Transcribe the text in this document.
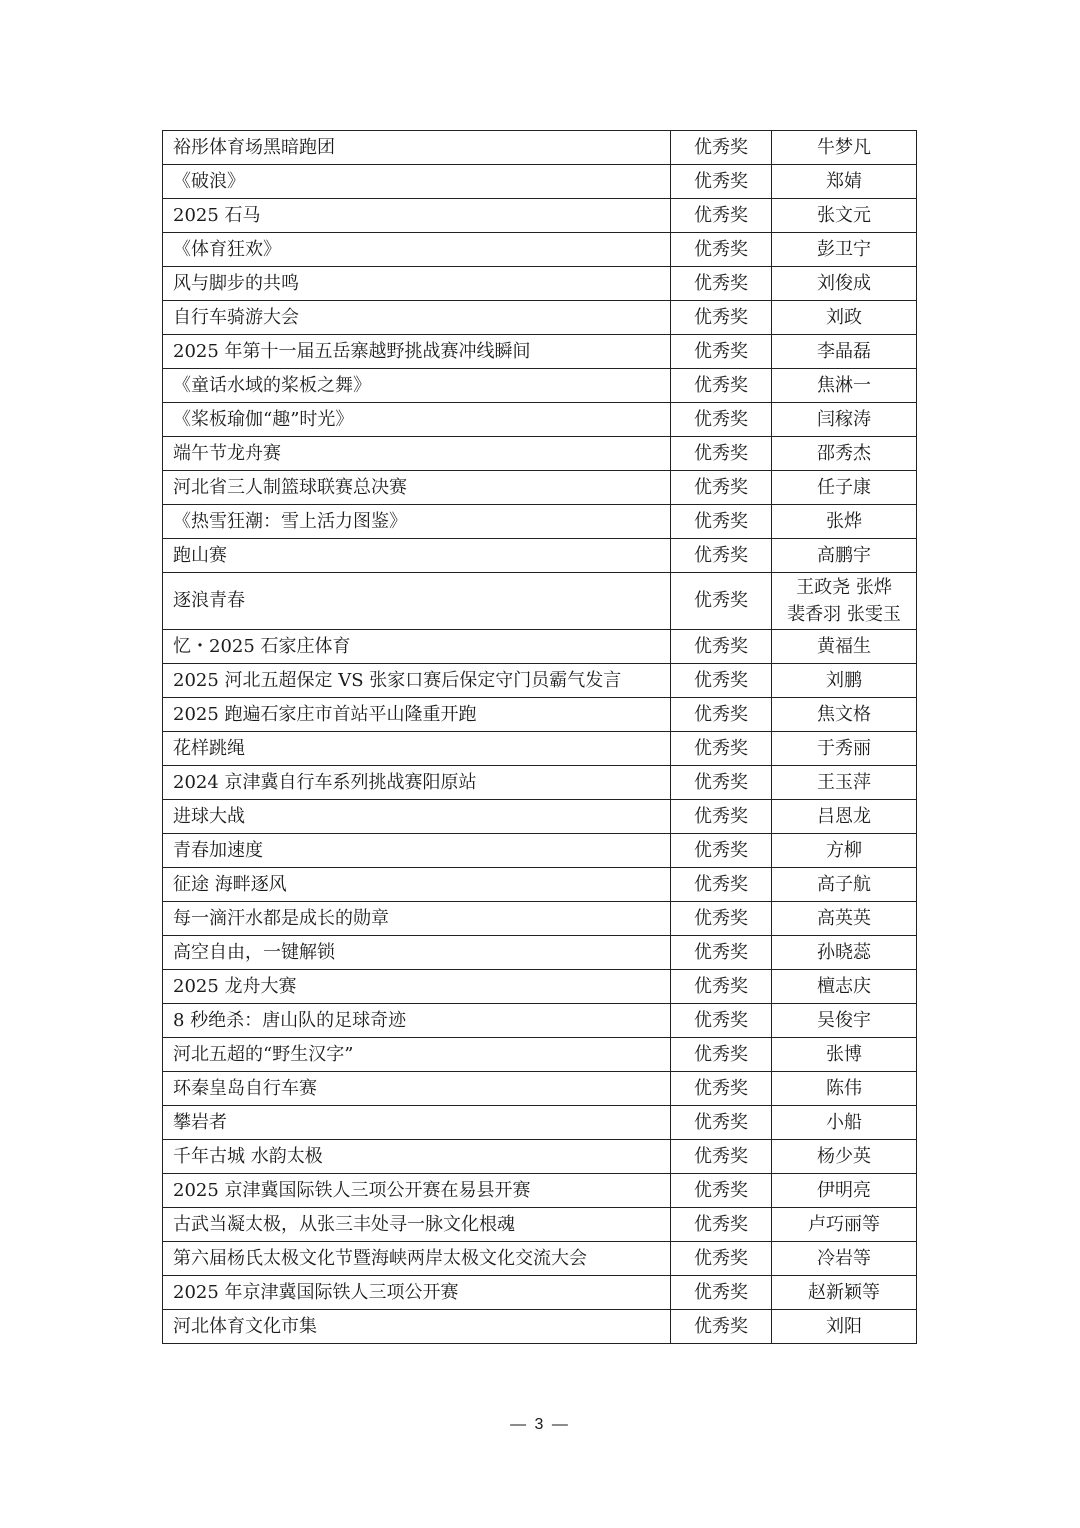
裕彤体育场黑暗跑团	优秀奖	牛梦凡

《破浪》	优秀奖	郑婧

2025 石马	优秀奖	张文元

《体育狂欢》	优秀奖	彭卫宁

风与脚步的共鸣	优秀奖	刘俊成

自行车骑游大会	优秀奖	刘政

2025 年第十一届五岳寨越野挑战赛冲线瞬间	优秀奖	李晶磊

《童话水域的桨板之舞》	优秀奖	焦淋一

《桨板瑜伽“趣”时光》	优秀奖	闫稼涛

端午节龙舟赛	优秀奖	邵秀杰

河北省三人制篮球联赛总决赛	优秀奖	任子康

《热雪狂潮：雪上活力图鉴》	优秀奖	张烨

跑山赛	优秀奖	高鹏宇

逐浪青春	优秀奖	王政尧 张烨
裴香羽 张雯玉

忆・2025 石家庄体育	优秀奖	黄福生

2025 河北五超保定 VS 张家口赛后保定守门员霸气发言	优秀奖	刘鹏

2025 跑遍石家庄市首站平山隆重开跑	优秀奖	焦文格

花样跳绳	优秀奖	于秀丽

2024 京津冀自行车系列挑战赛阳原站	优秀奖	王玉萍

进球大战	优秀奖	吕恩龙

青春加速度	优秀奖	方柳

征途 海畔逐风	优秀奖	高子航

每一滴汗水都是成长的勋章	优秀奖	高英英

高空自由，一键解锁	优秀奖	孙晓蕊

2025 龙舟大赛	优秀奖	檀志庆

8 秒绝杀：唐山队的足球奇迹	优秀奖	吴俊宇

河北五超的“野生汉字”	优秀奖	张博

环秦皇岛自行车赛	优秀奖	陈伟

攀岩者	优秀奖	小船

千年古城 水韵太极	优秀奖	杨少英

2025 京津冀国际铁人三项公开赛在易县开赛	优秀奖	伊明亮

古武当凝太极，从张三丰处寻一脉文化根魂	优秀奖	卢巧丽等

第六届杨氏太极文化节暨海峡两岸太极文化交流大会	优秀奖	冷岩等

2025 年京津冀国际铁人三项公开赛	优秀奖	赵新颖等

河北体育文化市集	优秀奖	刘阳
— 3 —
